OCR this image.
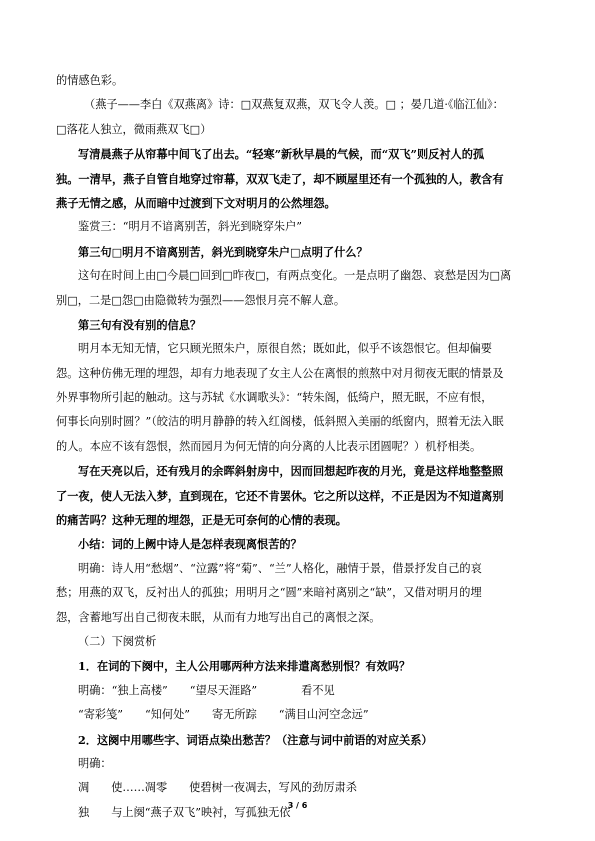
的情感色彩。
（燕子——李白《双燕离》诗：□双燕复双燕，双飞令人羡。□ ；晏几道·《临江仙》：
□落花人独立，微雨燕双飞□）
写清晨燕子从帘幕中间飞了出去。“轻寒”新秋早晨的气候，而“双飞”则反衬人的孤
独。一清早，燕子自管自地穿过帘幕，双双飞走了，却不顾屋里还有一个孤独的人，教含有
燕子无情之感，从而暗中过渡到下文对明月的公然埋怨。
鉴赏三：“明月不谙离别苦，斜光到晓穿朱户”
第三句□明月不谙离别苦，斜光到晓穿朱户□点明了什么？
这句在时间上由□今晨□回到□昨夜□，有两点变化。一是点明了幽怨、哀愁是因为□离
别□，二是□怨□由隐微转为强烈——怨恨月亮不解人意。
第三句有没有别的信息？
明月本无知无情，它只顾光照朱户，原很自然；既如此，似乎不该怨恨它。但却偏要
怨。这种仿佛无理的埋怨，却有力地表现了女主人公在离恨的煎熬中对月彻夜无眠的情景及
外界事物所引起的触动。这与苏轼《水调歌头》：“转朱阁，低绮户，照无眠，不应有恨，
何事长向别时圆？”（皎洁的明月静静的转入红阁楼，低斜照入美丽的纸窗内，照着无法入眠
的人。本应不该有怨恨，然而园月为何无情的向分离的人比表示团圆呢？）机杼相类。
写在天亮以后，还有残月的余晖斜射房中，因而回想起昨夜的月光，竟是这样地整整照
了一夜，使人无法入梦，直到现在，它还不肯罢休。它之所以这样，不正是因为不知道离别
的痛苦吗？这种无理的埋怨，正是无可奈何的心情的表现。
小结：词的上阙中诗人是怎样表现离恨苦的？
明确：诗人用“愁烟”、“泣露”将“菊”、“兰”人格化，融情于景，借景抒发自己的哀
愁；用燕的双飞，反衬出人的孤独；用明月之“圆”来暗衬离别之“缺”，又借对明月的埋
怨，含蓄地写出自己彻夜未眠，从而有力地写出自己的离恨之深。
（二）下阕赏析
1．在词的下阕中，主人公用哪两种方法来排遣离愁别恨？有效吗？
明确：“独上高楼” “望尽天涯路”	看不见
“寄彩笺” “知何处” 寄无所踪 “满目山河空念远”
2．这阕中用哪些字、词语点染出愁苦？（注意与词中前语的对应关系）
明确：
凋 使……凋零 使碧树一夜凋去，写风的劲厉肃杀
独 与上阕“燕子双飞”映衬，写孤独无依
3 / 6
